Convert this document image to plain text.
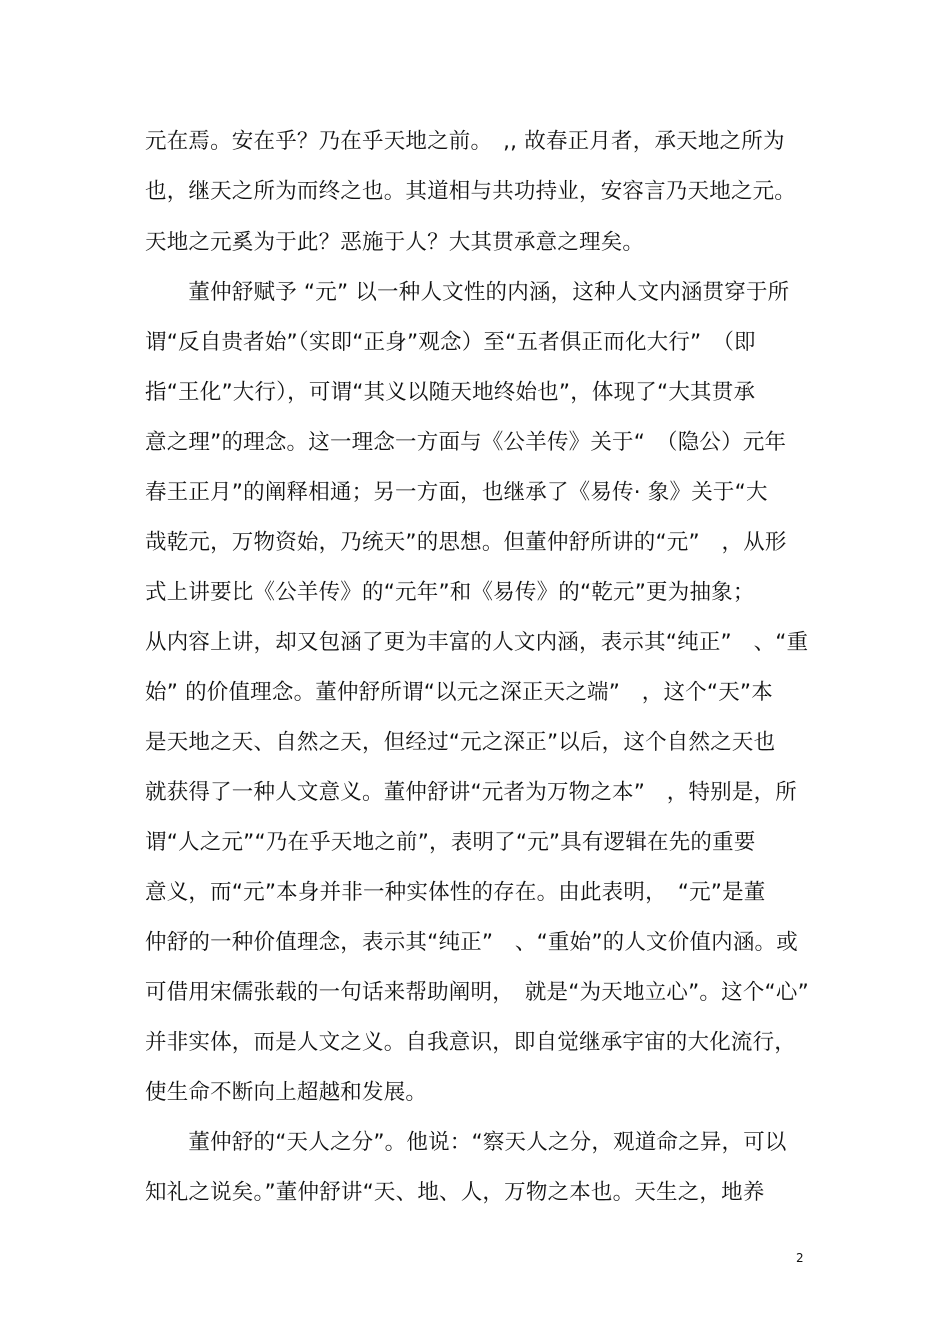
元在焉。安在乎？乃在乎天地之前。　,, 故春正月者，承天地之所为
也，继天之所为而终之也。其道相与共功持业，安容言乃天地之元。
天地之元奚为于此？恶施于人？大其贯承意之理矣。
　　董仲舒赋予 “元” 以一种人文性的内涵，这种人文内涵贯穿于所
谓“反自贵者始”（实即“正身”观念）至“五者俱正而化大行”　（即
指“王化”大行），可谓“其义以随天地终始也”，体现了“大其贯承
意之理”的理念。这一理念一方面与《公羊传》关于“　（隐公）元年
春王正月”的阐释相通；另一方面，也继承了《易传· 象》关于“大
哉乾元，万物资始，乃统天”的思想。但董仲舒所讲的“元”　，从形
式上讲要比《公羊传》的“元年”和《易传》的“乾元”更为抽象；
从内容上讲，却又包涵了更为丰富的人文内涵，表示其“纯正”　、“重
始” 的价值理念。董仲舒所谓“以元之深正天之端”　，这个“天”本
是天地之天、自然之天，但经过“元之深正”以后，这个自然之天也
就获得了一种人文意义。董仲舒讲“元者为万物之本”　，特别是，所
谓“人之元”“乃在乎天地之前”，表明了“元”具有逻辑在先的重要
意义，而“元”本身并非一种实体性的存在。由此表明，　“元”是董
仲舒的一种价值理念，表示其“纯正”　、“重始”的人文价值内涵。或
可借用宋儒张载的一句话来帮助阐明，　就是“为天地立心”。这个“心”
并非实体，而是人文之义。自我意识，即自觉继承宇宙的大化流行，
使生命不断向上超越和发展。
　　董仲舒的“天人之分”。他说：“察天人之分，观道命之异，可以
知礼之说矣。”董仲舒讲“天、地、人，万物之本也。天生之，地养
2
